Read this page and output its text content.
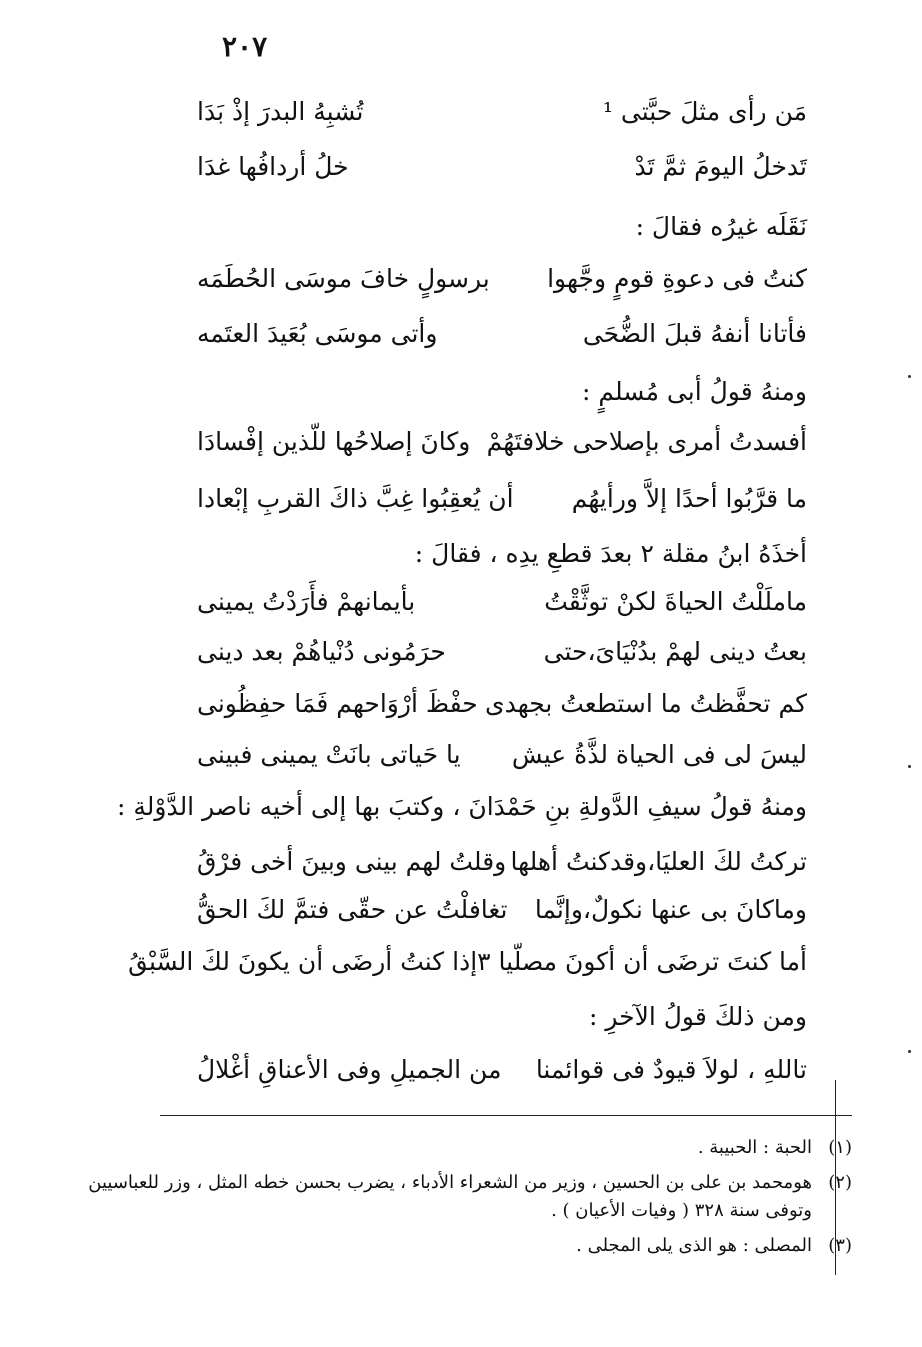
٢٠٧
مَن رأى مثلَ حبَّتى ¹
تُشبِهُ البدرَ إذْ بَدَا
تَدخلُ اليومَ ثمَّ تَدْ
خلُ أردافُها غدَا
نَقَلَه غيرُه فقالَ :
كنتُ فى دعوةِ قومٍ وجَّهوا
برسولٍ خافَ موسَى الحُطَمَه
فأتانا أنفهُ قبلَ الضُّحَى
وأتى موسَى بُعَيدَ العتَمه
ومنهُ قولُ أبى مُسلمٍ :
أفسدتُ أمرى بإصلاحى خلافتَهُمْ
وكانَ إصلاحُها للّذين إفْسادَا
ما قرَّبُوا أحدًا إلاَّ ورأيهُم
أن يُعقِبُوا غِبَّ ذاكَ القربِ إبْعادا
أخذَهُ ابنُ مقلة ٢ بعدَ قطعِ يدِه ، فقالَ :
ماملَلْتُ الحياةَ لكنْ توثَّقْتُ
بأيمانهمْ فأَرَدْتُ يمينى
بعتُ دينى لهمْ بدُنْيَاىَ،حتى
حرَمُونى دُنْياهُمْ بعد دينى
كم تحفَّظتُ ما استطعتُ بجهدى
حفْظَ أرْوَاحهم فَمَا حفِظُونى
ليسَ لى فى الحياة لذَّةُ عيش
يا حَياتى بانَتْ يمينى فبينى
ومنهُ قولُ سيفِ الدَّولةِ بنِ حَمْدَانَ ، وكتبَ بها إلى أخيه ناصر الدَّوْلةِ :
تركتُ لكَ العليَا،وقدكنتُ أهلها
وقلتُ لهم بينى وبينَ أخى فرْقُ
وماكانَ بى عنها نكولٌ،وإنَّما
تغافلْتُ عن حقّى فتمَّ لكَ الحقُّ
أما كنتَ ترضَى أن أكونَ مصلّيا ٣
إذا كنتُ أرضَى أن يكونَ لكَ السَّبْقُ
ومن ذلكَ قولُ الآخرِ :
تاللهِ ، لولاَ قيودٌ فى قوائمنا
من الجميلِ وفى الأعناقِ أغْلالُ
(١)الحبة : الحبيبة .
(٢)هومحمد بن على بن الحسين ، وزير من الشعراء الأدباء ، يضرب بحسن خطه المثل ، وزر للعباسيين
وتوفى سنة ٣٢٨ ( وفيات الأعيان ) .
(٣)المصلى : هو الذى يلى المجلى .
